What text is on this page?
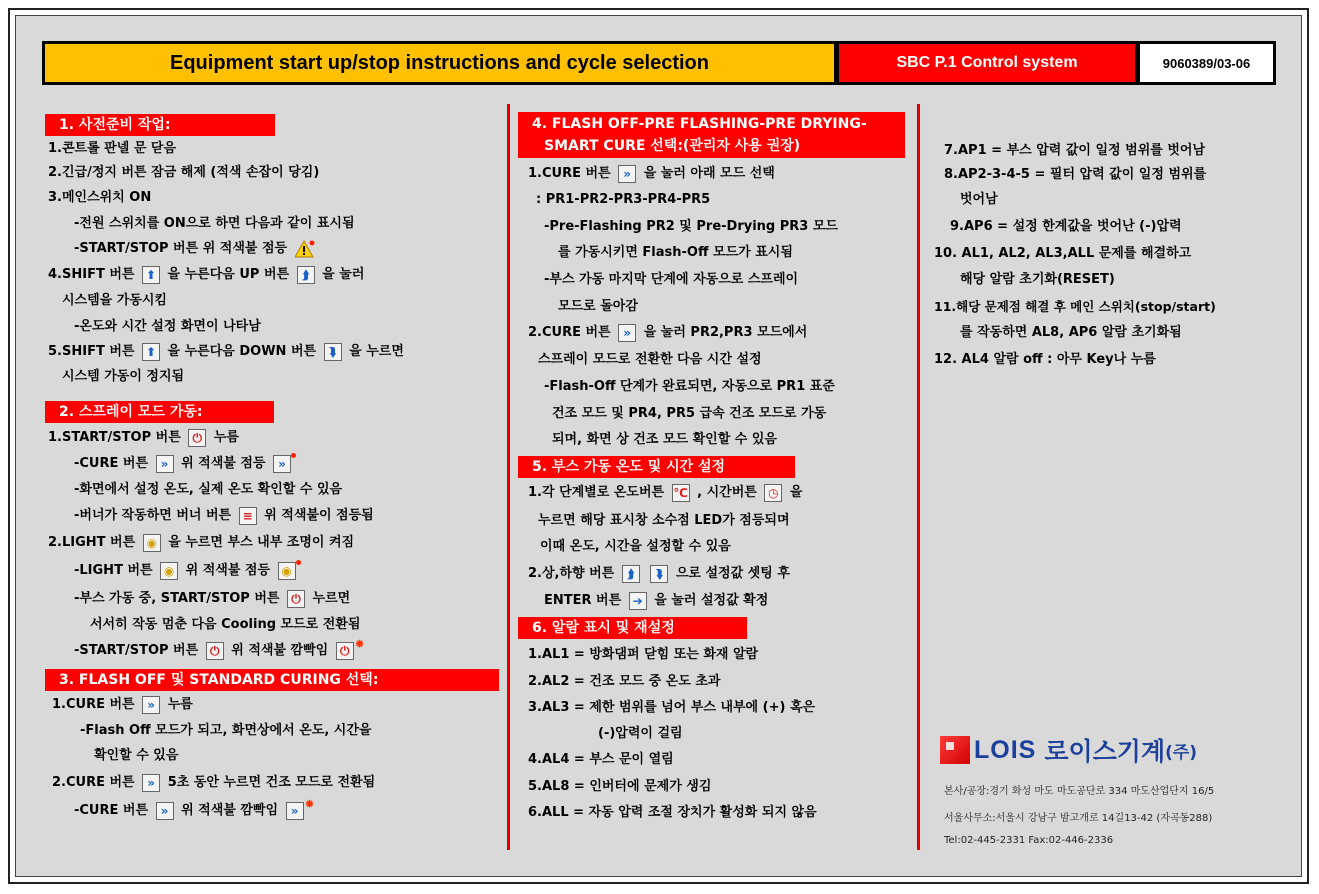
Equipment start up/stop instructions and cycle selection	SBC P.1 Control system	9060389/03-06
1. 사전준비 작업:
1.콘트롤 판넬 문 닫음
2.긴급/정지 버튼 잠금 해제 (적색 손잡이 당김)
3.메인스위치 ON
-전원 스위치를 ON으로 하면 다음과 같이 표시됨
-START/STOP 버튼 위 적색불 점등
4.SHIFT 버튼 ⬆ 을 누른다음 UP 버튼 ⮭ 을 눌러
시스템을 가동시킴
-온도와 시간 설정 화면이 나타남
5.SHIFT 버튼 ⬆ 을 누른다음 DOWN 버튼 ⮯ 을 누르면
시스템 가동이 정지됨
2. 스프레이 모드 가동:
1.START/STOP 버튼 ⏻ 누름
-CURE 버튼 » 위 적색불 점등 »
-화면에서 설정 온도, 실제 온도 확인할 수 있음
-버너가 작동하면 버너 버튼 ≡ 위 적색불이 점등됨
2.LIGHT 버튼 ◉ 을 누르면 부스 내부 조명이 켜짐
-LIGHT 버튼 ◉ 위 적색불 점등 ◉
-부스 가동 중, START/STOP 버튼 ⏻ 누르면
서서히 작동 멈춘 다음 Cooling 모드로 전환됨
-START/STOP 버튼 ⏻ 위 적색불 깜빡임 ⏻ ✹
3. FLASH OFF 및 STANDARD CURING 선택:
1.CURE 버튼 » 누름
-Flash Off 모드가 되고, 화면상에서 온도, 시간을
확인할 수 있음
2.CURE 버튼 » 5초 동안 누르면 건조 모드로 전환됨
-CURE 버튼 » 위 적색불 깜빡임 » ✹
4. FLASH OFF-PRE FLASHING-PRE DRYING-
SMART CURE 선택:(관리자 사용 권장)
1.CURE 버튼 » 을 눌러 아래 모드 선택
: PR1-PR2-PR3-PR4-PR5
-Pre-Flashing PR2 및 Pre-Drying PR3 모드
를 가동시키면 Flash-Off 모드가 표시됨
-부스 가동 마지막 단계에 자동으로 스프레이
모드로 돌아감
2.CURE 버튼 » 을 눌러 PR2,PR3 모드에서
스프레이 모드로 전환한 다음 시간 설정
-Flash-Off 단계가 완료되면, 자동으로 PR1 표준
건조 모드 및 PR4, PR5 급속 건조 모드로 가동
되며, 화면 상 건조 모드 확인할 수 있음
5. 부스 가동 온도 및 시간 설정
1.각 단계별로 온도버튼 ℃ , 시간버튼 ◷ 을
누르면 해당 표시창 소수점 LED가 점등되며
이때 온도, 시간을 설정할 수 있음
2.상,하향 버튼 ⮭ ⮯ 으로 설정값 셋팅 후
ENTER 버튼 ➔ 을 눌러 설정값 확정
6. 알람 표시 및 재설정
1.AL1 = 방화댐퍼 닫힘 또는 화재 알람
2.AL2 = 건조 모드 중 온도 초과
3.AL3 = 제한 범위를 넘어 부스 내부에 (+) 혹은
(-)압력이 걸림
4.AL4 = 부스 문이 열림
5.AL8 = 인버터에 문제가 생김
6.ALL = 자동 압력 조절 장치가 활성화 되지 않음
7.AP1 = 부스 압력 값이 일정 범위를 벗어남
8.AP2-3-4-5 = 필터 압력 값이 일정 범위를
벗어남
9.AP6 = 설정 한계값을 벗어난 (-)압력
10. AL1, AL2, AL3,ALL 문제를 해결하고
해당 알람 초기화(RESET)
11.해당 문제점 해결 후 메인 스위치(stop/start)
를 작동하면 AL8, AP6 알람 초기화됨
12. AL4 알람 off : 아무 Key나 누름
LOIS 로이스기계 (주)
본사/공장:경기 화성 마도 마도공단로 334 마도산업단지 16/5
서울사무소:서울시 강남구 밤고개로 14길13-42 (자곡동288)
Tel:02-445-2331 Fax:02-446-2336
